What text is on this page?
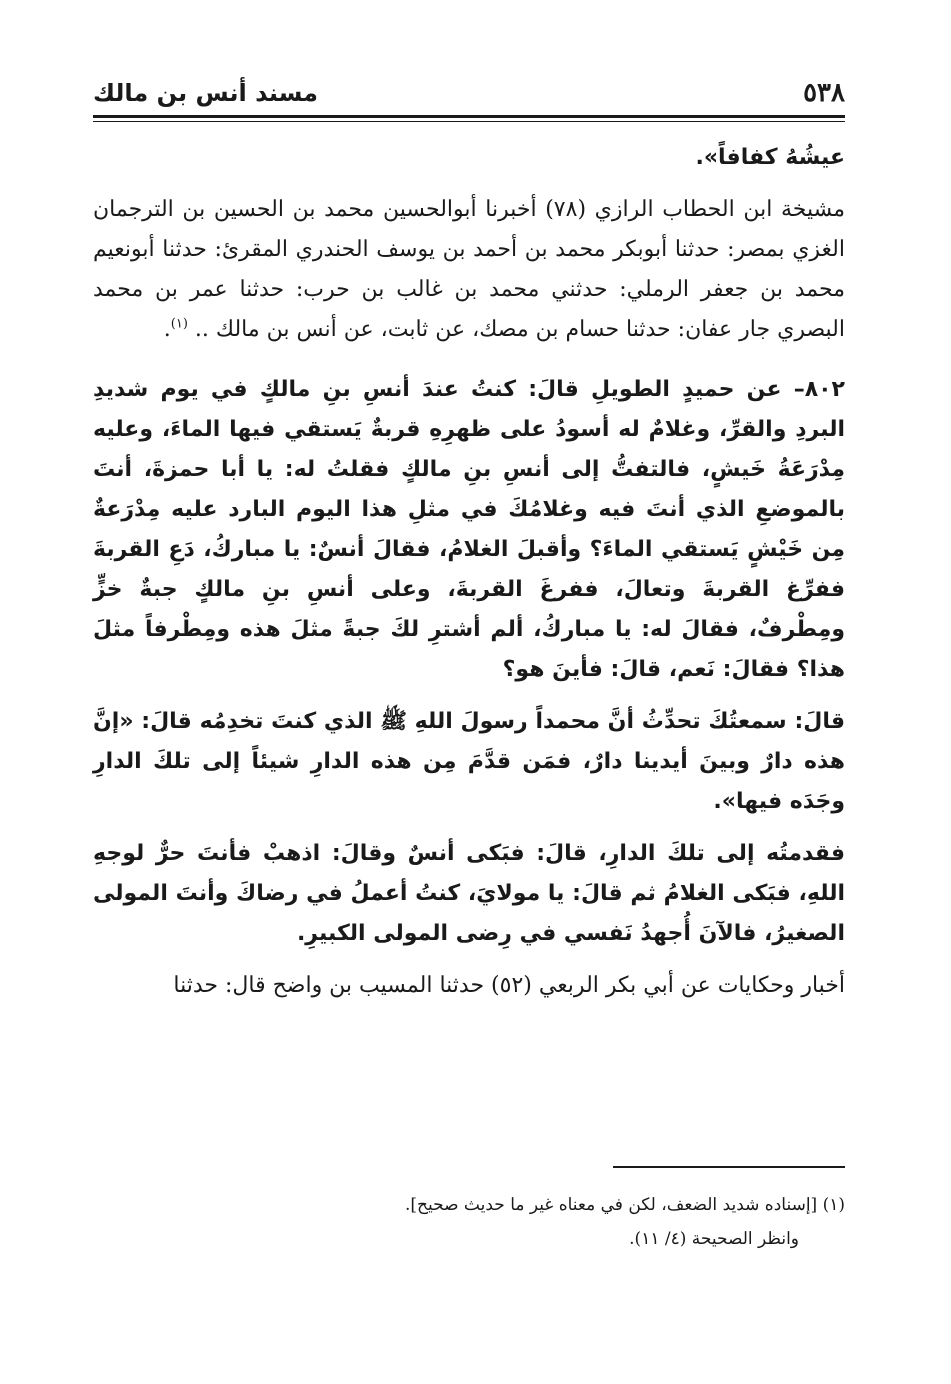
٥٣٨
مسند أنس بن مالك

عيشُهُ كفافاً».

مشيخة ابن الحطاب الرازي (٧٨) أخبرنا أبوالحسين محمد بن الحسين بن الترجمان الغزي بمصر: حدثنا أبوبكر محمد بن أحمد بن يوسف الحندري المقرئ: حدثنا أبونعيم محمد بن جعفر الرملي: حدثني محمد بن غالب بن حرب: حدثنا عمر بن محمد البصري جار عفان: حدثنا حسام بن مصك، عن ثابت، عن أنس بن مالك .. $^{(١)}$.

٨٠٢– عن حميدٍ الطويلِ قالَ: كنتُ عندَ أنسِ بنِ مالكٍ في يوم شديدِ البردِ والقرِّ، وغلامٌ له أسودُ على ظهرِهِ قربةٌ يَستقي فيها الماءَ، وعليه مِدْرَعَةُ خَيشٍ، فالتفتُّ إلى أنسِ بنِ مالكٍ فقلتُ له: يا أبا حمزةَ، أنتَ بالموضعِ الذي أنتَ فيه وغلامُكَ في مثلِ هذا اليوم البارد عليه مِدْرَعةٌ مِن خَيْشٍ يَستقي الماءَ؟ وأقبلَ الغلامُ، فقالَ أنسٌ: يا مباركُ، دَعِ القربةَ ففرِّغ القربةَ وتعالَ، ففرغَ القربةَ، وعلى أنسِ بنِ مالكٍ جبةٌ خزٍّ ومِطْرفٌ، فقالَ له: يا مباركُ، ألم أشترِ لكَ جبةً مثلَ هذه ومِطْرفاً مثلَ هذا؟ فقالَ: نَعم، قالَ: فأينَ هو؟

قالَ: سمعتُكَ تحدِّثُ أنَّ محمداً رسولَ اللهِ ﷺ الذي كنتَ تخدِمُه قالَ: «إنَّ هذه دارٌ وبينَ أيدينا دارٌ، فمَن قدَّمَ مِن هذه الدارِ شيئاً إلى تلكَ الدارِ وجَدَه فيها».

فقدمتُه إلى تلكَ الدارِ، قالَ: فبَكى أنسٌ وقالَ: اذهبْ فأنتَ حرٌّ لوجهِ اللهِ، فبَكى الغلامُ ثم قالَ: يا مولايَ، كنتُ أعملُ في رضاكَ وأنتَ المولى الصغيرُ، فالآنَ أُجهدُ نَفسي في رِضى المولى الكبيرِ.

أخبار وحكايات عن أبي بكر الربعي (٥٢) حدثنا المسيب بن واضح قال: حدثنا

(١) [إسناده شديد الضعف، لكن في معناه غير ما حديث صحيح].

وانظر الصحيحة (٤/ ١١).
